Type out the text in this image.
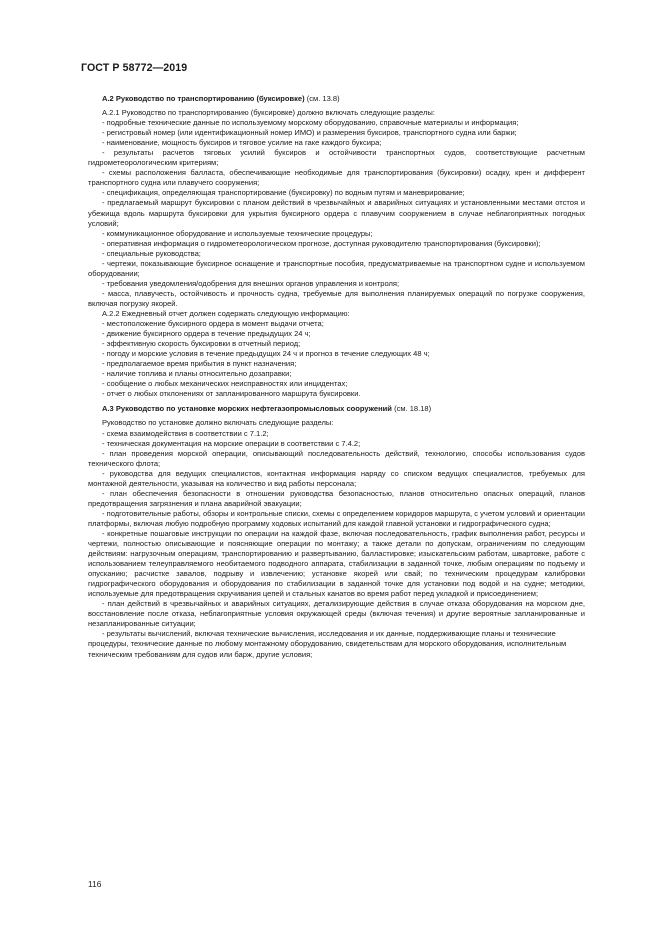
ГОСТ Р 58772—2019

А.2 Руководство по транспортированию (буксировке) (см. 13.8)

А.2.1 Руководство по транспортированию (буксировке) должно включать следующие разделы:

- подробные технические данные по используемому морскому оборудованию, справочные материалы и информация;

- регистровый номер (или идентификационный номер ИМО) и размерения буксиров, транспортного судна или баржи;

- наименование, мощность буксиров и тяговое усилие на гаке каждого буксира;

- результаты расчетов тяговых усилий буксиров и остойчивости транспортных судов, соответствующие расчетным гидрометеорологическим критериям;

- схемы расположения балласта, обеспечивающие необходимые для транспортирования (буксировки) осадку, крен и дифферент транспортного судна или плавучего сооружения;

- спецификация, определяющая транспортирование (буксировку) по водным путям и маневрирование;

- предлагаемый маршрут буксировки с планом действий в чрезвычайных и аварийных ситуациях и установленными местами отстоя и убежища вдоль маршрута буксировки для укрытия буксирного ордера с плавучим сооружением в случае неблагоприятных погодных условий;

- коммуникационное оборудование и используемые технические процедуры;

- оперативная информация о гидрометеорологическом прогнозе, доступная руководителю транспортирования (буксировки);

- специальные руководства;

- чертежи, показывающие буксирное оснащение и транспортные пособия, предусматриваемые на транспортном судне и используемом оборудовании;

- требования уведомления/одобрения для внешних органов управления и контроля;

- масса, плавучесть, остойчивость и прочность судна, требуемые для выполнения планируемых операций по погрузке сооружения, включая погрузку якорей.

А.2.2 Ежедневный отчет должен содержать следующую информацию:

- местоположение буксирного ордера в момент выдачи отчета;

- движение буксирного ордера в течение предыдущих 24 ч;

- эффективную скорость буксировки в отчетный период;

- погоду и морские условия в течение предыдущих 24 ч и прогноз в течение следующих 48 ч;

- предполагаемое время прибытия в пункт назначения;

- наличие топлива и планы относительно дозаправки;

- сообщение о любых механических неисправностях или инцидентах;

- отчет о любых отклонениях от запланированного маршрута буксировки.

А.3 Руководство по установке морских нефтегазопромысловых сооружений (см. 18.18)

Руководство по установке должно включать следующие разделы:

- схема взаимодействия в соответствии с 7.1.2;

- техническая документация на морские операции в соответствии с 7.4.2;

- план проведения морской операции, описывающий последовательность действий, технологию, способы использования судов технического флота;

- руководства для ведущих специалистов, контактная информация наряду со списком ведущих специалистов, требуемых для монтажной деятельности, указывая на количество и вид работы персонала;

- план обеспечения безопасности в отношении руководства безопасностью, планов относительно опасных операций, планов предотвращения загрязнения и плана аварийной эвакуации;

- подготовительные работы, обзоры и контрольные списки, схемы с определением коридоров маршрута, с учетом условий и ориентации платформы, включая любую подробную программу ходовых испытаний для каждой главной установки и гидрографического судна;

- конкретные пошаговые инструкции по операции на каждой фазе, включая последовательность, график выполнения работ, ресурсы и чертежи, полностью описывающие и поясняющие операции по монтажу; а также детали по допускам, ограничениям по следующим действиям: нагрузочным операциям, транспортированию и развертыванию, балластировке; изыскательским работам, швартовке, работе с использованием телеуправляемого необитаемого подводного аппарата, стабилизации в заданной точке, любым операциям по подъему и опусканию; расчистке завалов, подрыву и извлечению; установке якорей или свай; по техническим процедурам калибровки гидрографического оборудования и оборудования по стабилизации в заданной точке для установки под водой и на судне; методики, используемые для предотвращения скручивания цепей и стальных канатов во время работ перед укладкой и присоединением;

- план действий в чрезвычайных и аварийных ситуациях, детализирующие действия в случае отказа оборудования на морском дне, восстановление после отказа, неблагоприятные условия окружающей среды (включая течения) и другие вероятные запланированные и незапланированные ситуации;

- результаты вычислений, включая технические вычисления, исследования и их данные, поддерживающие планы и технические процедуры, технические данные по любому монтажному оборудованию, свидетельствам для морского оборудования, исполнительным техническим требованиям для судов или барж, другие условия;

116
